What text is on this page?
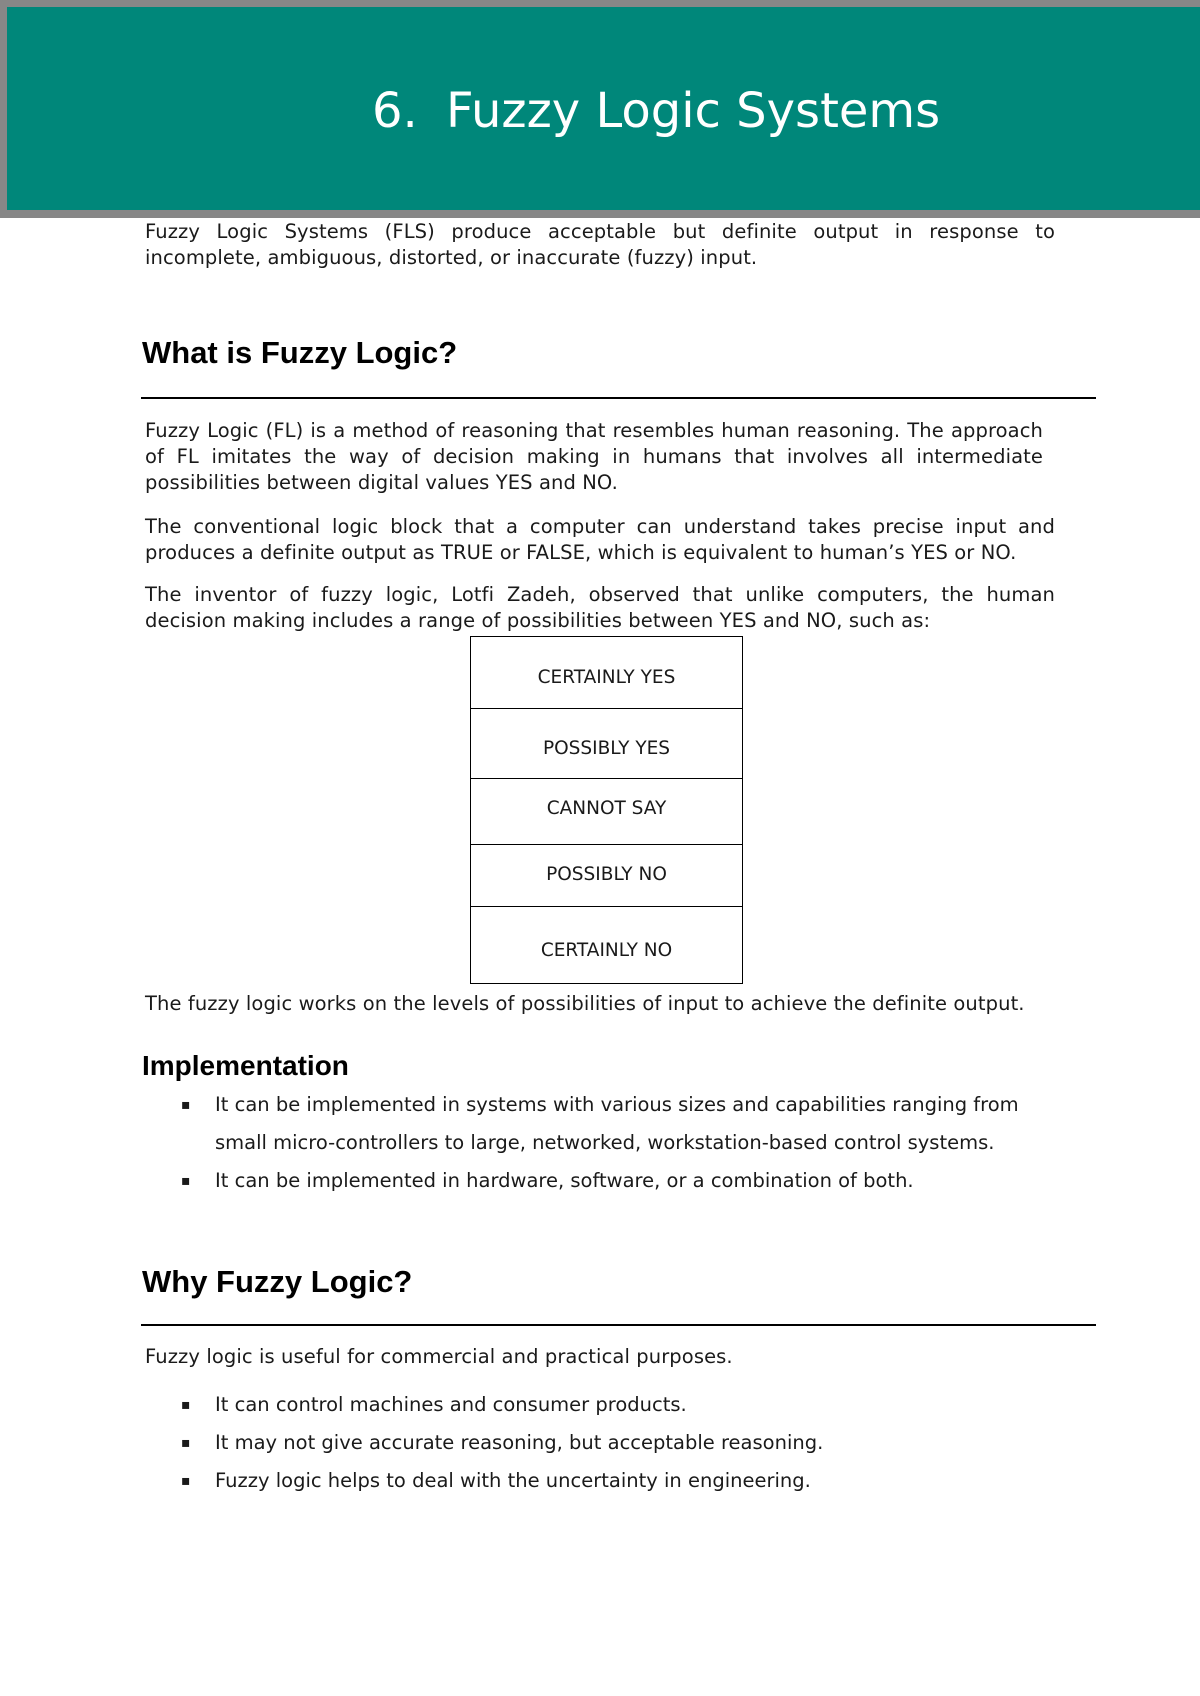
6. Fuzzy Logic Systems

Fuzzy Logic Systems (FLS) produce acceptable but definite output in response to incomplete, ambiguous, distorted, or inaccurate (fuzzy) input.

What is Fuzzy Logic?

Fuzzy Logic (FL) is a method of reasoning that resembles human reasoning. The approach of FL imitates the way of decision making in humans that involves all intermediate possibilities between digital values YES and NO.

The conventional logic block that a computer can understand takes precise input and produces a definite output as TRUE or FALSE, which is equivalent to human’s YES or NO.

The inventor of fuzzy logic, Lotfi Zadeh, observed that unlike computers, the human decision making includes a range of possibilities between YES and NO, such as:

CERTAINLY YES
POSSIBLY YES
CANNOT SAY
POSSIBLY NO
CERTAINLY NO

The fuzzy logic works on the levels of possibilities of input to achieve the definite output.

Implementation
▪ It can be implemented in systems with various sizes and capabilities ranging from small micro-controllers to large, networked, workstation-based control systems.
▪ It can be implemented in hardware, software, or a combination of both.
Why Fuzzy Logic?

Fuzzy logic is useful for commercial and practical purposes.

▪ It can control machines and consumer products.
▪ It may not give accurate reasoning, but acceptable reasoning.
▪ Fuzzy logic helps to deal with the uncertainty in engineering.
